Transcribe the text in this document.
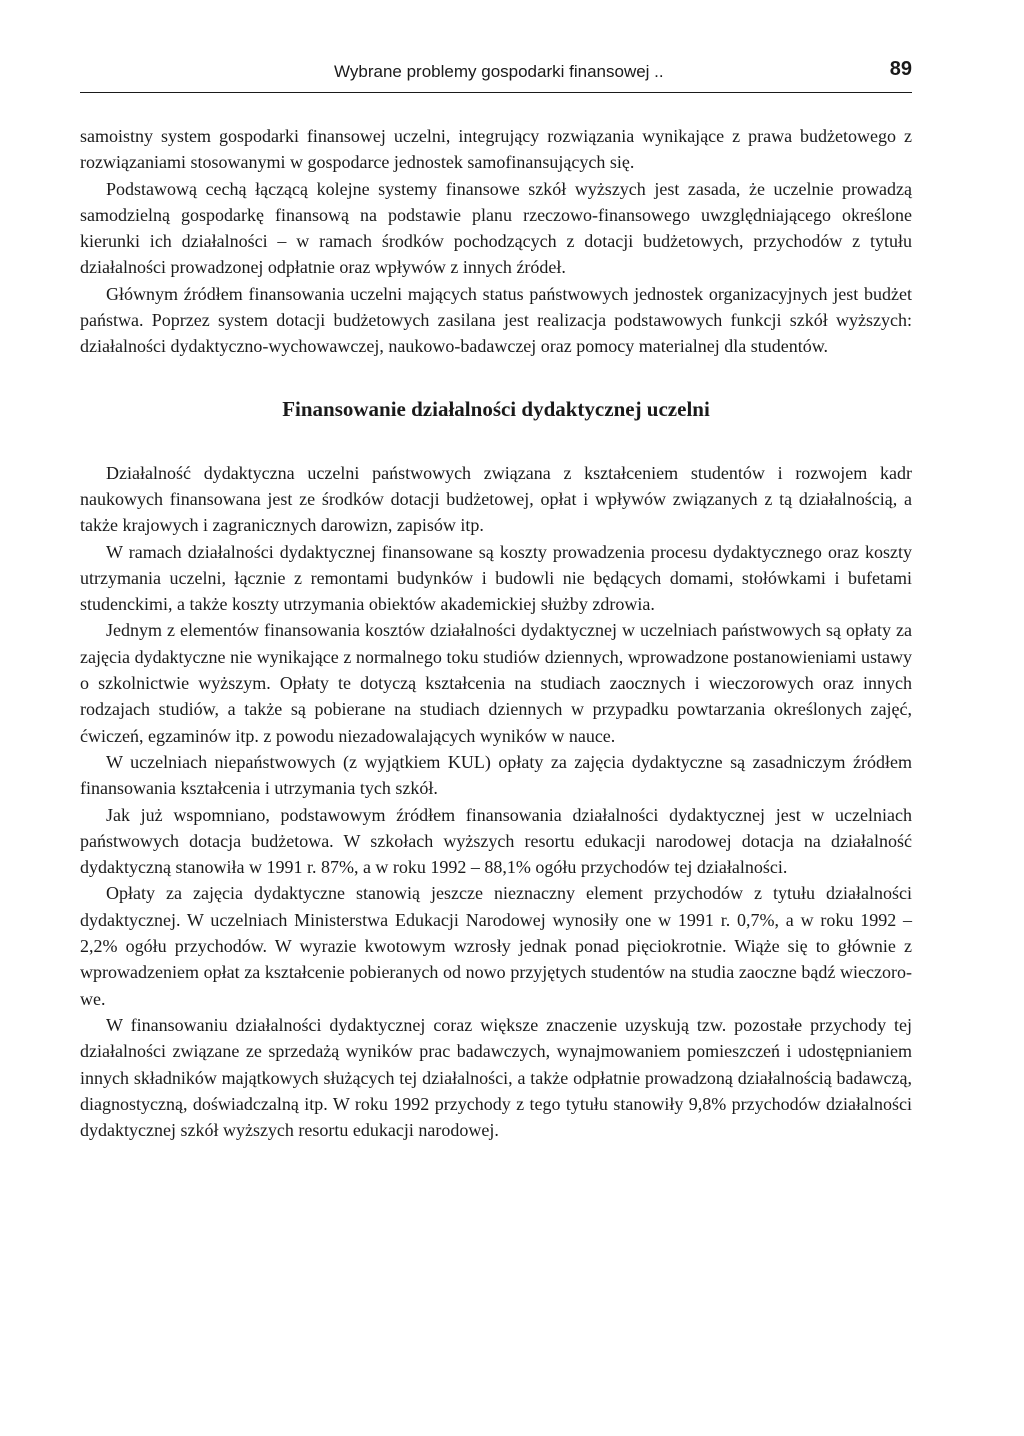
Wybrane problemy gospodarki finansowej ..	89

samoistny system gospodarki finansowej uczelni, integrujący rozwiązania wynikające z prawa budżetowego z rozwiązaniami stosowanymi w gospodarce jednostek samofinansujących się.

Podstawową cechą łączącą kolejne systemy finansowe szkół wyższych jest zasada, że uczelnie prowadzą samodzielną gospodarkę finansową na podstawie planu rzeczowo-finansowego uwzględniającego określone kierunki ich działalności – w ramach środków pochodzących z dotacji budżetowych, przychodów z tytułu działalności prowadzonej odpłatnie oraz wpływów z innych źródeł.

Głównym źródłem finansowania uczelni mających status państwowych jednostek organizacyjnych jest budżet państwa. Poprzez system dotacji budżetowych zasilana jest realizacja podstawowych funkcji szkół wyższych: działalności dydaktyczno-wychowawczej, naukowo-badawczej oraz pomocy materialnej dla studentów.

Finansowanie działalności dydaktycznej uczelni

Działalność dydaktyczna uczelni państwowych związana z kształceniem studentów i rozwojem kadr naukowych finansowana jest ze środków dotacji budżetowej, opłat i wpływów związanych z tą działalnością, a także krajowych i zagranicznych darowizn, zapisów itp.

W ramach działalności dydaktycznej finansowane są koszty prowadzenia procesu dydaktycznego oraz koszty utrzymania uczelni, łącznie z remontami budynków i budowli nie będących domami, stołówkami i bufetami studenckimi, a także koszty utrzymania obiektów akademickiej służby zdrowia.

Jednym z elementów finansowania kosztów działalności dydaktycznej w uczelniach państwowych są opłaty za zajęcia dydaktyczne nie wynikające z normalnego toku studiów dziennych, wprowadzone postanowieniami ustawy o szkolnictwie wyższym. Opłaty te dotyczą kształcenia na studiach zaocznych i wieczorowych oraz innych rodzajach studiów, a także są pobierane na studiach dziennych w przypadku powtarzania określonych zajęć, ćwiczeń, egzaminów itp. z powodu niezadowalających wyników w nauce.

W uczelniach niepaństwowych (z wyjątkiem KUL) opłaty za zajęcia dydaktyczne są zasadniczym źródłem finansowania kształcenia i utrzymania tych szkół.

Jak już wspomniano, podstawowym źródłem finansowania działalności dydaktycznej jest w uczelniach państwowych dotacja budżetowa. W szkołach wyższych resortu edukacji narodowej dotacja na działalność dydaktyczną stanowiła w 1991 r. 87%, a w roku 1992 – 88,1% ogółu przychodów tej działalności.

Opłaty za zajęcia dydaktyczne stanowią jeszcze nieznaczny element przychodów z tytułu działalności dydaktycznej. W uczelniach Ministerstwa Edukacji Narodowej wynosiły one w 1991 r. 0,7%, a w roku 1992 – 2,2% ogółu przychodów. W wyrazie kwotowym wzrosły jednak ponad pięciokrotnie. Wiąże się to głównie z wprowadzeniem opłat za kształcenie pobieranych od nowo przyjętych studentów na studia zaoczne bądź wieczorowe.

W finansowaniu działalności dydaktycznej coraz większe znaczenie uzyskują tzw. pozostałe przychody tej działalności związane ze sprzedażą wyników prac badawczych, wynajmowaniem pomieszczeń i udostępnianiem innych składników majątkowych służących tej działalności, a także odpłatnie prowadzoną działalnością badawczą, diagnostyczną, doświadczalną itp. W roku 1992 przychody z tego tytułu stanowiły 9,8% przychodów działalności dydaktycznej szkół wyższych resortu edukacji narodowej.
